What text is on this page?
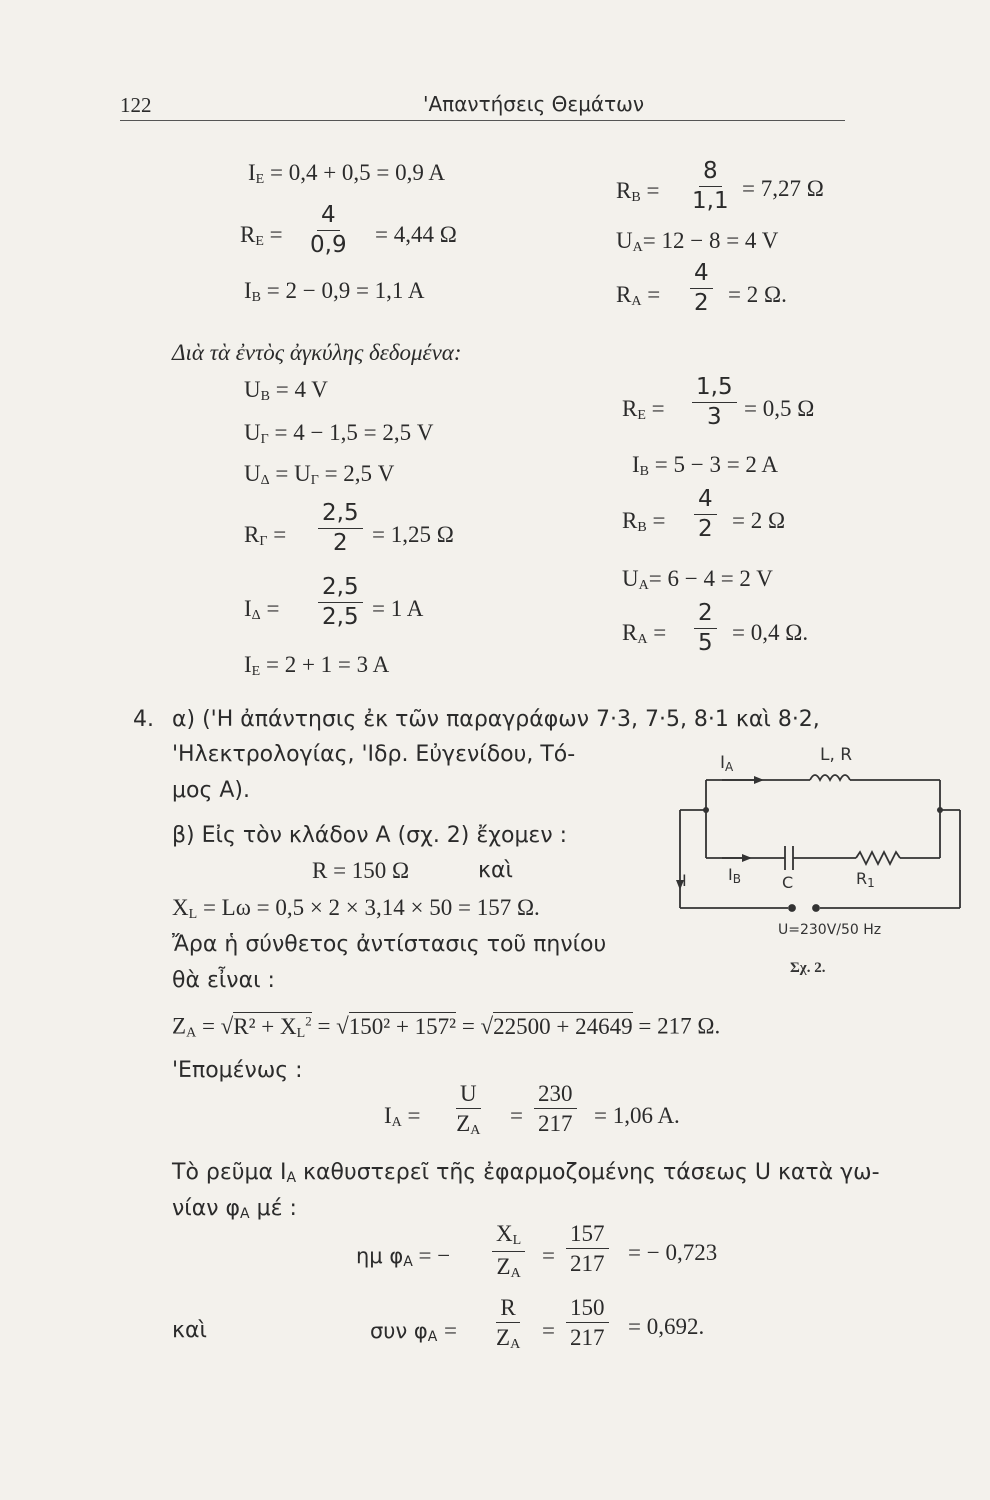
122	'Απαντήσεις Θεμάτων
$I_E = 0,4 + 0,5 = 0,9$ A
$R_E = \frac{4}{0,9} = 4,44$ Ω
$I_B = 2 - 0,9 = 1,1$ A
$R_B = \frac{8}{1,1} = 7,27$ Ω
$U_A= 12 - 8 = 4$ V
$R_A = \frac{4}{2} = 2$ Ω.
Διὰ τὰ ἐντὸς ἀγκύλης δεδομένα:
$U_B = 4$ V
$U_\Gamma = 4 - 1,5 = 2,5$ V
$U_\Delta = U_\Gamma = 2,5$ V
$R_\Gamma = \frac{2,5}{2} = 1,25$ Ω
$I_\Delta = \frac{2,5}{2,5} = 1$ A
$I_E = 2 + 1 = 3$ A
$R_E = \frac{1,5}{3} = 0,5$ Ω
$I_B = 5 - 3 = 2$ A
$R_B = \frac{4}{2} = 2$ Ω
$U_A= 6 - 4 = 2$ V
$R_A = \frac{2}{5} = 0,4$ Ω.
4. α) ('Η ἀπάντησις ἐκ τῶν παραγράφων 7·3, 7·5, 8·1 καὶ 8·2,
'Ηλεκτρολογίας, 'Ιδρ. Εὐγενίδου, Τό-
μος Α).
β) Εἰς τὸν κλάδον Α (σχ. 2) ἔχομεν :
R = 150 Ω	καὶ
$X_L = L\omega = 0,5 \times 2 \times 3,14 \times 50 = 157$ Ω.
Ἄρα ἡ σύνθετος ἀντίστασις τοῦ πηνίου
θὰ εἶναι :
$Z_A = √R^2 + X_L^2 = √150^2 + 157^2 = √22500 + 24649 = 217$ Ω.
'Επομένως :
$I_A = \frac{U}{Z_A} = \frac{230}{217} = 1,06$ A.
Τὸ ρεῦμα $I_A$ καθυστερεῖ τῆς ἐφαρμοζομένης τάσεως U κατὰ γω-
νίαν $\varphi_A$ μέ :
ημ $\varphi_A$ = − $\frac{X_L}{Z_A} = \frac{157}{217}$ = − 0,723
καὶ	συν $\varphi_A = \frac{R}{Z_A} = \frac{150}{217} = 0,692$.
IA
L, R
I	IB	C	R1
U=230V/50 Hz
Σχ. 2.
